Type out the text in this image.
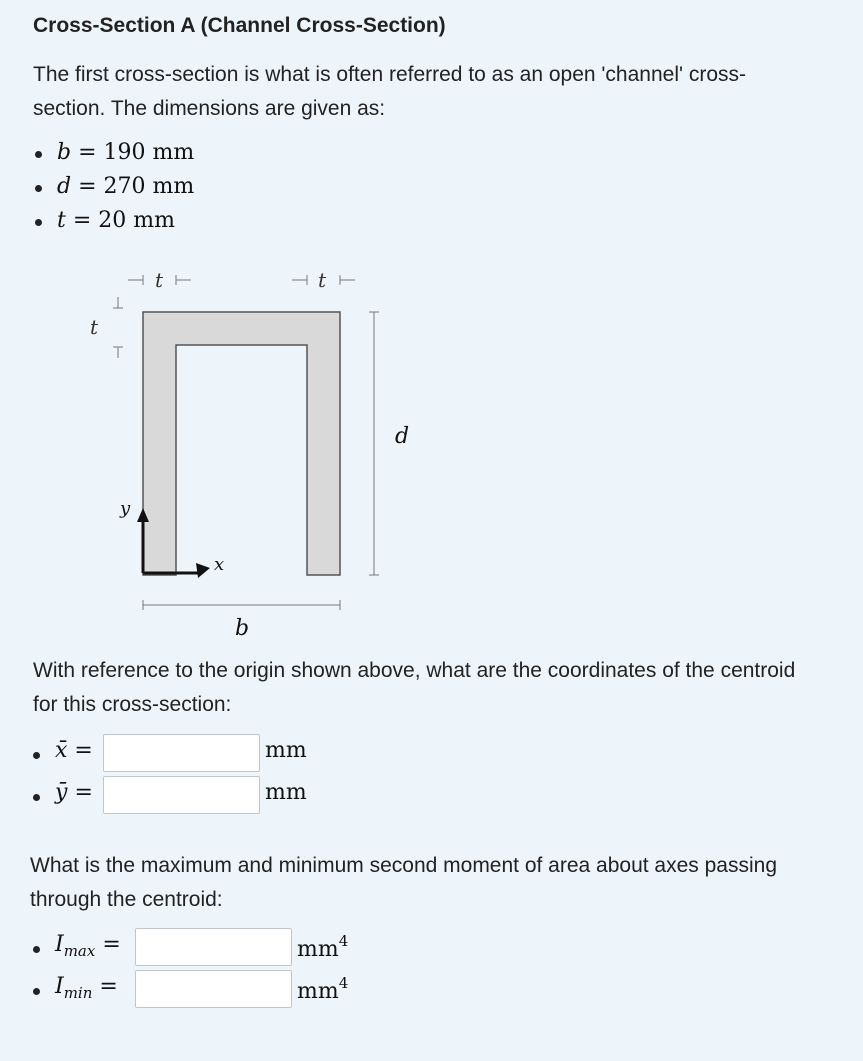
Cross-Section A (Channel Cross-Section)
The first cross-section is what is often referred to as an open 'channel' cross-
section. The dimensions are given as:
b = 190 mm
d = 270 mm
t = 20 mm
x
y
t	t
t
d
b
With reference to the origin shown above, what are the coordinates of the centroid
for this cross-section:
x̄ =	mm
ȳ =	mm
What is the maximum and minimum second moment of area about axes passing
through the centroid:
$I_{max}$ =	$mm^4$
$I_{min}$ =	$mm^4$
